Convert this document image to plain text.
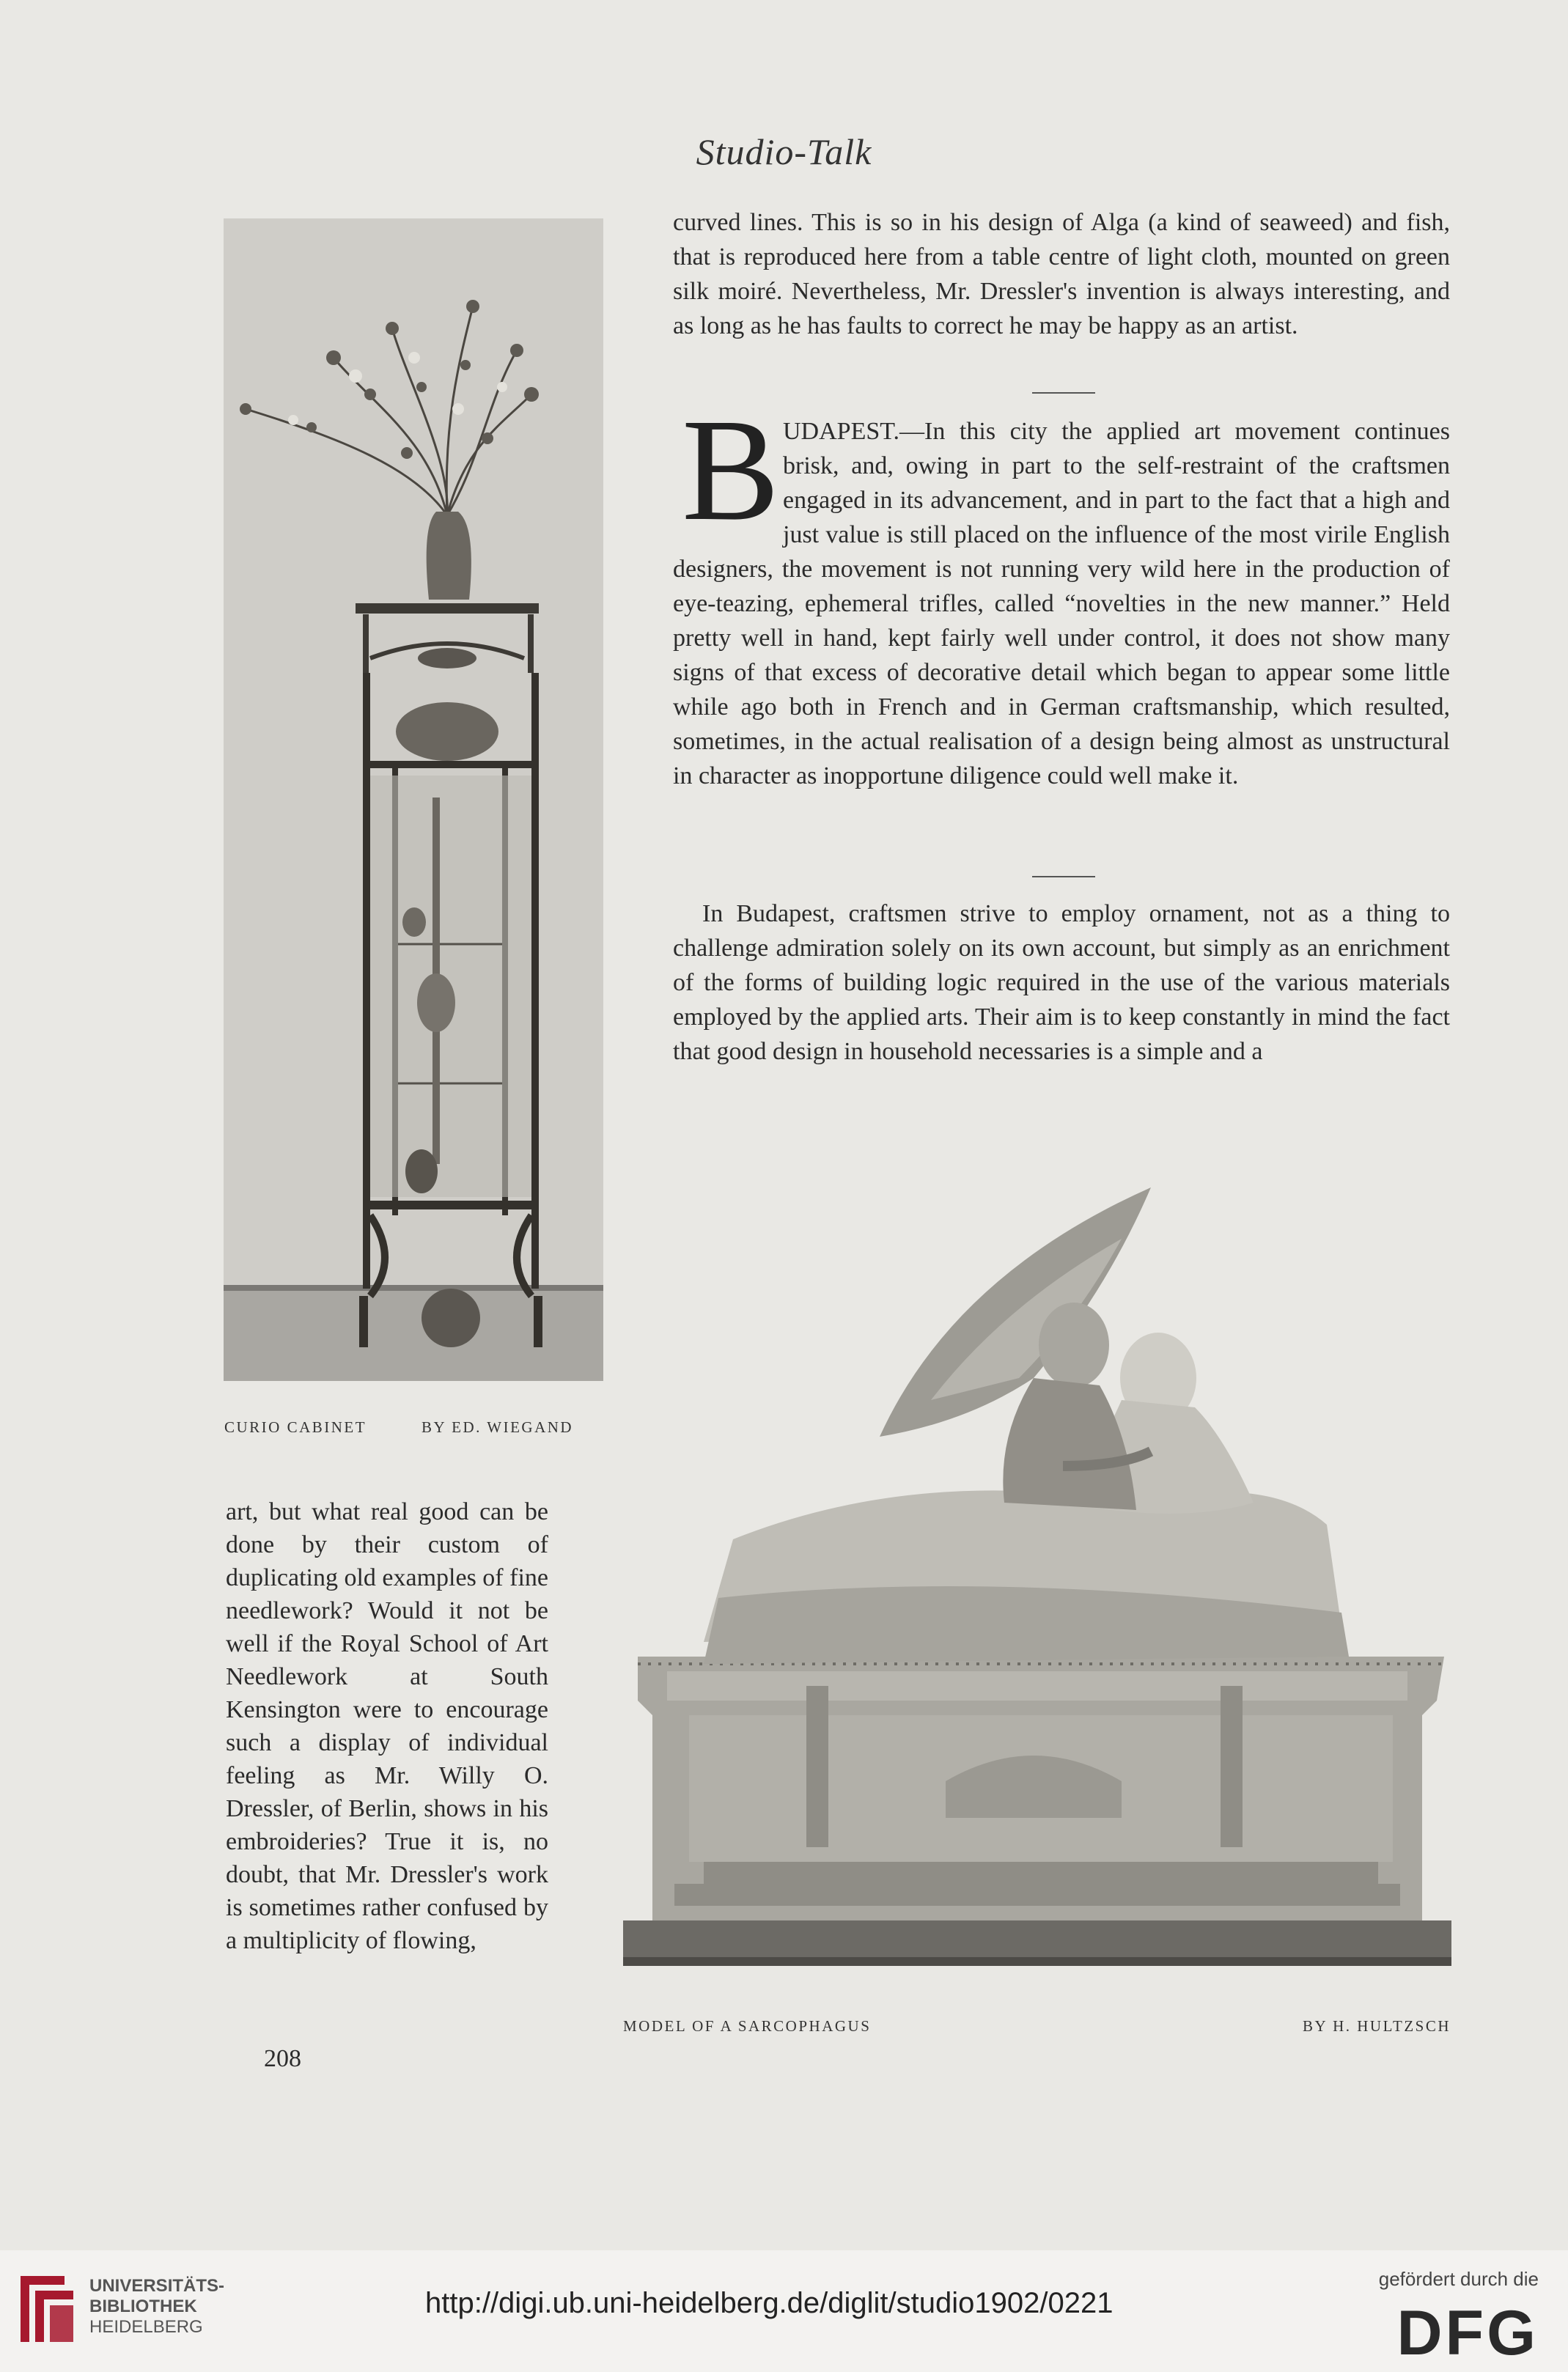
Studio-Talk

curved lines. This is so in his design of Alga (a kind of seaweed) and fish, that is reproduced here from a table centre of light cloth, mounted on green silk moiré. Nevertheless, Mr. Dressler's invention is always interesting, and as long as he has faults to correct he may be happy as an artist.

B UDAPEST.—In this city the applied art movement continues brisk, and, owing in part to the self-restraint of the craftsmen engaged in its advancement, and in part to the fact that a high and just value is still placed on the influence of the most virile English designers, the movement is not running very wild here in the production of eye-teazing, ephemeral trifles, called “novelties in the new manner.” Held pretty well in hand, kept fairly well under control, it does not show many signs of that excess of decorative detail which began to appear some little while ago both in French and in German craftsmanship, which resulted, sometimes, in the actual realisation of a design being almost as unstructural in character as inopportune diligence could well make it.

In Budapest, craftsmen strive to employ ornament, not as a thing to challenge admiration solely on its own account, but simply as an enrichment of the forms of building logic required in the use of the various materials employed by the applied arts. Their aim is to keep constantly in mind the fact that good design in household necessaries is a simple and a

CURIO CABINET	BY ED. WIEGAND
art, but what real good can be done by their custom of duplicating old examples of fine needlework? Would it not be well if the Royal School of Art Needlework at South Kensington were to encourage such a display of individual feeling as Mr. Willy O. Dressler, of Berlin, shows in his embroideries? True it is, no doubt, that Mr. Dressler's work is sometimes rather confused by a multiplicity of flowing,
208
MODEL OF A SARCOPHAGUS	BY H. HULTZSCH
UNIVERSITÄTS-
BIBLIOTHEK
HEIDELBERG
http://digi.ub.uni-heidelberg.de/diglit/studio1902/0221
gefördert durch die
DFG
